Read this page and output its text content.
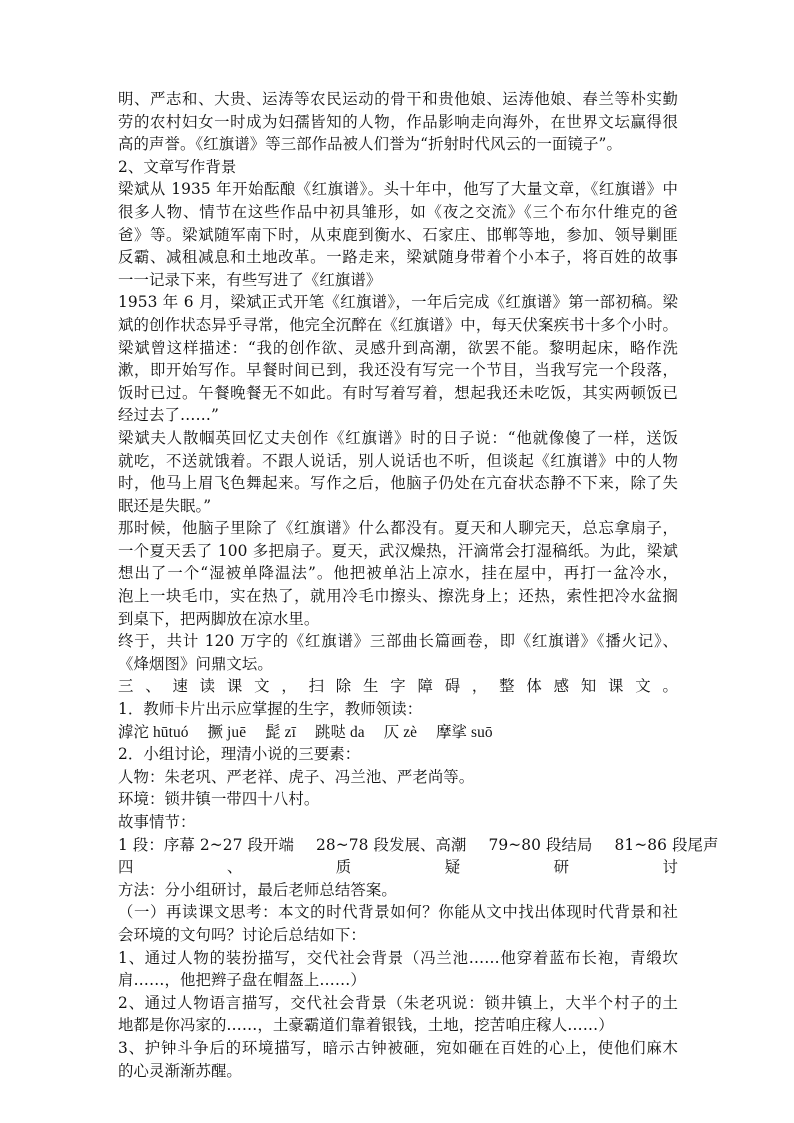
明、严志和、大贵、运涛等农民运动的骨干和贵他娘、运涛他娘、春兰等朴实勤
劳的农村妇女一时成为妇孺皆知的人物，作品影响走向海外，在世界文坛赢得很
高的声誉。《红旗谱》等三部作品被人们誉为“折射时代风云的一面镜子”。
2、文章写作背景
梁斌从 1935 年开始酝酿《红旗谱》。头十年中，他写了大量文章，《红旗谱》中
很多人物、情节在这些作品中初具雏形，如《夜之交流》《三个布尔什维克的爸
爸》等。梁斌随军南下时，从束鹿到衡水、石家庄、邯郸等地，参加、领导剿匪
反霸、减租减息和土地改革。一路走来，梁斌随身带着个小本子，将百姓的故事
一一记录下来，有些写进了《红旗谱》
1953 年 6 月，梁斌正式开笔《红旗谱》，一年后完成《红旗谱》第一部初稿。梁
斌的创作状态异乎寻常，他完全沉醉在《红旗谱》中，每天伏案疾书十多个小时。
梁斌曾这样描述：“我的创作欲、灵感升到高潮，欲罢不能。黎明起床，略作洗
漱，即开始写作。早餐时间已到，我还没有写完一个节目，当我写完一个段落，
饭时已过。午餐晚餐无不如此。有时写着写着，想起我还未吃饭，其实两顿饭已
经过去了……”
梁斌夫人散帼英回忆丈夫创作《红旗谱》时的日子说：“他就像傻了一样，送饭
就吃，不送就饿着。不跟人说话，别人说话也不听，但谈起《红旗谱》中的人物
时，他马上眉飞色舞起来。写作之后，他脑子仍处在亢奋状态静不下来，除了失
眠还是失眠。”
那时候，他脑子里除了《红旗谱》什么都没有。夏天和人聊完天，总忘拿扇子，
一个夏天丢了 100 多把扇子。夏天，武汉燥热，汗滴常会打湿稿纸。为此，梁斌
想出了一个“湿被单降温法”。他把被单沾上凉水，挂在屋中，再打一盆冷水，
泡上一块毛巾，实在热了，就用冷毛巾擦头、擦洗身上；还热，索性把冷水盆搁
到桌下，把两脚放在凉水里。
终于，共计 120 万字的《红旗谱》三部曲长篇画卷，即《红旗谱》《播火记》、
《烽烟图》问鼎文坛。
三、速读课文，扫除生字障碍，整体感知课文。
1．教师卡片出示应掌握的生字，教师领读：
滹沱 hūtuó 撅 juē 髭 zī 跳哒 da 仄 zè 摩挲 suō
2．小组讨论，理清小说的三要素：
人物：朱老巩、严老祥、虎子、冯兰池、严老尚等。
环境：锁井镇一带四十八村。
故事情节：
1 段：序幕 2~27 段开端 28~78 段发展、高潮 79~80 段结局 81~86 段尾声
四、质疑研讨
方法：分小组研讨，最后老师总结答案。
（一）再读课文思考：本文的时代背景如何？你能从文中找出体现时代背景和社
会环境的文句吗？讨论后总结如下：
1、通过人物的装扮描写，交代社会背景（冯兰池……他穿着蓝布长袍，青缎坎
肩……，他把辫子盘在帽盔上……）
2、通过人物语言描写，交代社会背景（朱老巩说：锁井镇上，大半个村子的土
地都是你冯家的……，土豪霸道们靠着银钱，土地，挖苦咱庄稼人……）
3、护钟斗争后的环境描写，暗示古钟被砸，宛如砸在百姓的心上，使他们麻木
的心灵渐渐苏醒。
